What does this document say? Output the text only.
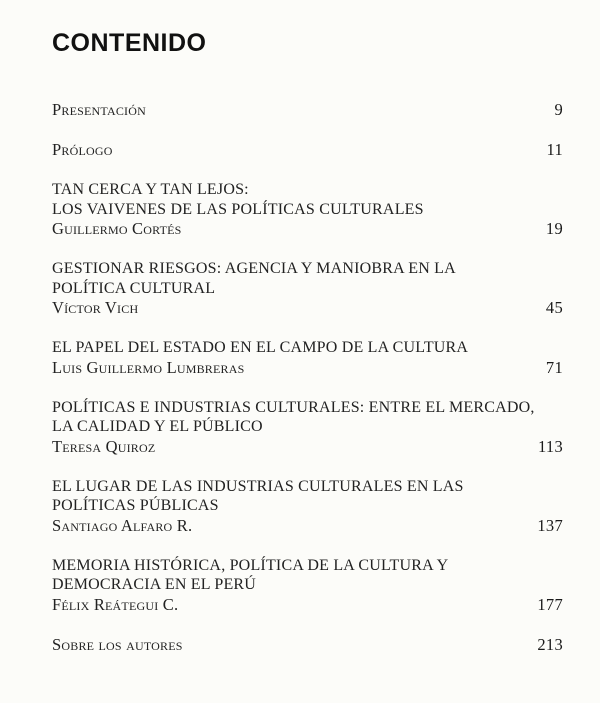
CONTENIDO
Presentación	9
Prólogo	11
TAN CERCA Y TAN LEJOS:
LOS VAIVENES DE LAS POLÍTICAS CULTURALES
Guillermo Cortés	19
GESTIONAR RIESGOS: AGENCIA Y MANIOBRA EN LA
POLÍTICA CULTURAL
Víctor Vich	45
EL PAPEL DEL ESTADO EN EL CAMPO DE LA CULTURA
Luis Guillermo Lumbreras	71
POLÍTICAS E INDUSTRIAS CULTURALES: ENTRE EL MERCADO,
LA CALIDAD Y EL PÚBLICO
Teresa Quiroz	113
EL LUGAR DE LAS INDUSTRIAS CULTURALES EN LAS
POLÍTICAS PÚBLICAS
Santiago Alfaro R.	137
MEMORIA HISTÓRICA, POLÍTICA DE LA CULTURA Y
DEMOCRACIA EN EL PERÚ
Félix Reátegui C.	177
Sobre los autores	213
